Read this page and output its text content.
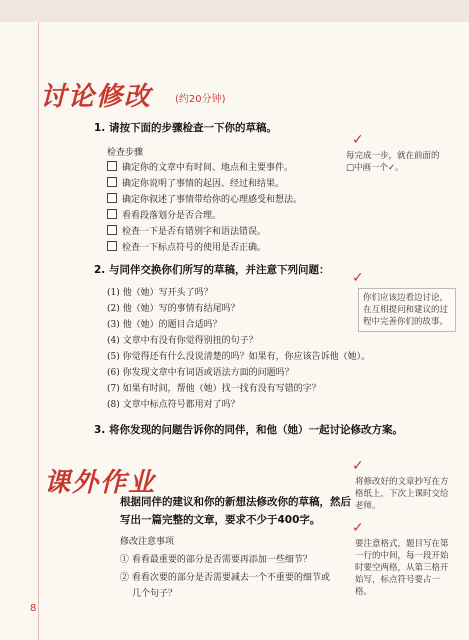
讨论修改 (约20分钟)
1. 请按下面的步骤检查一下你的草稿。
检查步骤
确定你的文章中有时间、地点和主要事件。
确定你说明了事情的起因、经过和结果。
确定你叙述了事情带给你的心理感受和想法。
看看段落划分是否合理。
检查一下是否有错别字和语法错误。
检查一下标点符号的使用是否正确。
✓
每完成一步，就在前面的□中画一个✓。
2. 与同伴交换你们所写的草稿，并注意下列问题：
(1) 他（她）写开头了吗？
(2) 他（她）写的事情有结尾吗？
(3) 他（她）的题目合适吗？
(4) 文章中有没有你觉得别扭的句子？
(5) 你觉得还有什么没说清楚的吗？如果有，你应该告诉他（她）。
(6) 你发现文章中有词语或语法方面的问题吗？
(7) 如果有时间，帮他（她）找一找有没有写错的字？
(8) 文章中标点符号都用对了吗？
✓
你们应该边看边讨论，在互相提问和建议的过程中完善你们的故事。
3. 将你发现的问题告诉你的同伴，和他（她）一起讨论修改方案。
课外作业
根据同伴的建议和你的新想法修改你的草稿，然后
写出一篇完整的文章，要求不少于400字。
修改注意事项
① 看看最重要的部分是否需要再添加一些细节？
② 看看次要的部分是否需要减去一个不重要的细节或
几个句子？
✓
将修改好的文章抄写在方格纸上，下次上课时交给老师。
✓
要注意格式，题目写在第一行的中间，每一段开始时要空两格，从第三格开始写，标点符号要占一格。
8
